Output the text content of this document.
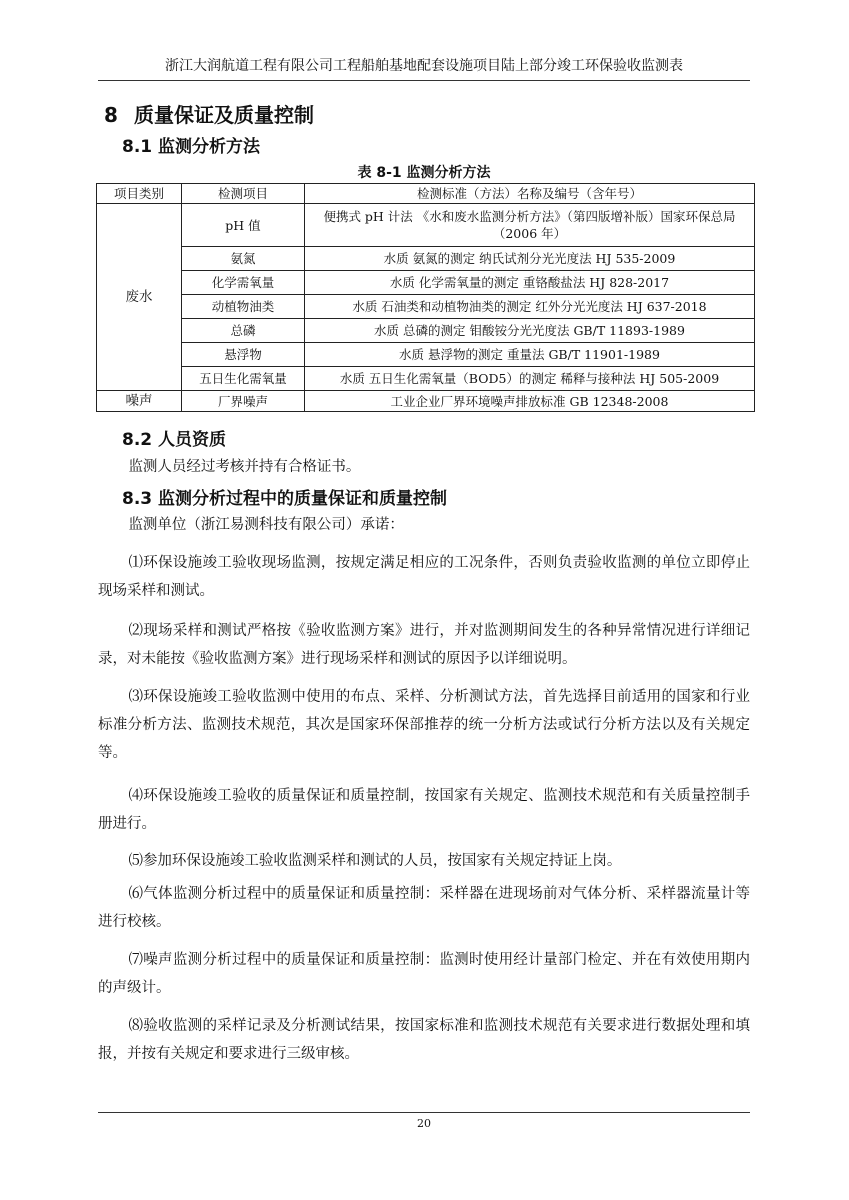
浙江大润航道工程有限公司工程船舶基地配套设施项目陆上部分竣工环保验收监测表
8 质量保证及质量控制
8.1 监测分析方法
表 8-1 监测分析方法
项目类别	检测项目	检测标准（方法）名称及编号（含年号）
废水	pH 值	便携式 pH 计法 《水和废水监测分析方法》（第四版增补版）国家环保总局（2006 年）
	氨氮	水质 氨氮的测定 纳氏试剂分光光度法 HJ 535-2009
	化学需氧量	水质 化学需氧量的测定 重铬酸盐法 HJ 828-2017
	动植物油类	水质 石油类和动植物油类的测定 红外分光光度法 HJ 637-2018
	总磷	水质 总磷的测定 钼酸铵分光光度法 GB/T 11893-1989
	悬浮物	水质 悬浮物的测定 重量法 GB/T 11901-1989
	五日生化需氧量	水质 五日生化需氧量（BOD5）的测定 稀释与接种法 HJ 505-2009
噪声	厂界噪声	工业企业厂界环境噪声排放标准 GB 12348-2008
8.2 人员资质

监测人员经过考核并持有合格证书。

8.3 监测分析过程中的质量保证和质量控制

监测单位（浙江易测科技有限公司）承诺：

⑴环保设施竣工验收现场监测，按规定满足相应的工况条件，否则负责验收监测的单位立即停止现场采样和测试。

⑵现场采样和测试严格按《验收监测方案》进行，并对监测期间发生的各种异常情况进行详细记录，对未能按《验收监测方案》进行现场采样和测试的原因予以详细说明。

⑶环保设施竣工验收监测中使用的布点、采样、分析测试方法，首先选择目前适用的国家和行业标准分析方法、监测技术规范，其次是国家环保部推荐的统一分析方法或试行分析方法以及有关规定等。

⑷环保设施竣工验收的质量保证和质量控制，按国家有关规定、监测技术规范和有关质量控制手册进行。

⑸参加环保设施竣工验收监测采样和测试的人员，按国家有关规定持证上岗。

⑹气体监测分析过程中的质量保证和质量控制：采样器在进现场前对气体分析、采样器流量计等进行校核。

⑺噪声监测分析过程中的质量保证和质量控制：监测时使用经计量部门检定、并在有效使用期内的声级计。

⑻验收监测的采样记录及分析测试结果，按国家标准和监测技术规范有关要求进行数据处理和填报，并按有关规定和要求进行三级审核。

20
